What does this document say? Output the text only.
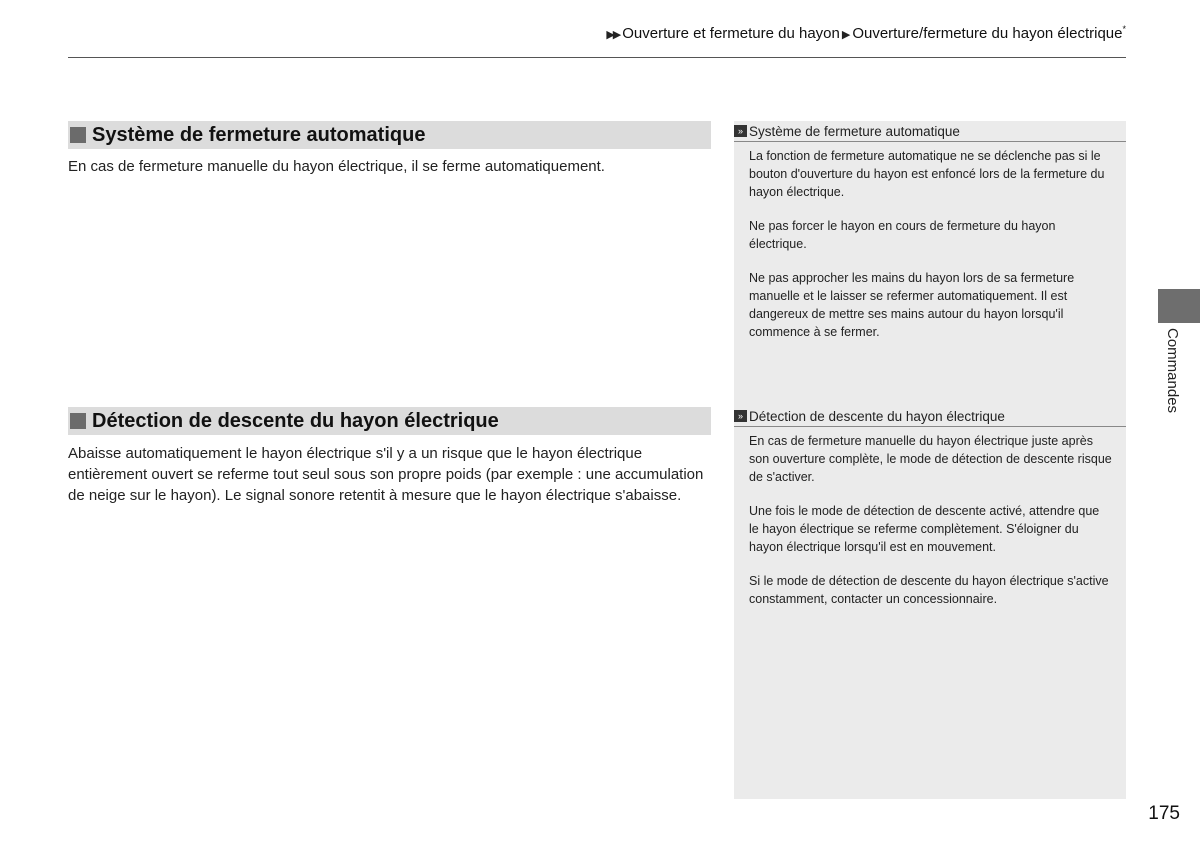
▶▶ Ouverture et fermeture du hayon ▶ Ouverture/fermeture du hayon électrique*
Système de fermeture automatique
En cas de fermeture manuelle du hayon électrique, il se ferme automatiquement.
Détection de descente du hayon électrique
Abaisse automatiquement le hayon électrique s'il y a un risque que le hayon électrique entièrement ouvert se referme tout seul sous son propre poids (par exemple : une accumulation de neige sur le hayon). Le signal sonore retentit à mesure que le hayon électrique s'abaisse.
» Système de fermeture automatique

La fonction de fermeture automatique ne se déclenche pas si le bouton d'ouverture du hayon est enfoncé lors de la fermeture du hayon électrique.

Ne pas forcer le hayon en cours de fermeture du hayon électrique.

Ne pas approcher les mains du hayon lors de sa fermeture manuelle et le laisser se refermer automatiquement. Il est dangereux de mettre ses mains autour du hayon lorsqu'il commence à se fermer.

» Détection de descente du hayon électrique

En cas de fermeture manuelle du hayon électrique juste après son ouverture complète, le mode de détection de descente risque de s'activer.

Une fois le mode de détection de descente activé, attendre que le hayon électrique se referme complètement. S'éloigner du hayon électrique lorsqu'il est en mouvement.

Si le mode de détection de descente du hayon électrique s'active constamment, contacter un concessionnaire.

Commandes
175
